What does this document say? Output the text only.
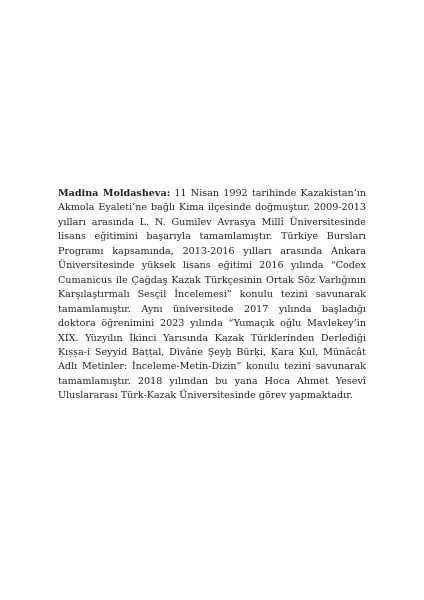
Madina Moldasheva: 11 Nisan 1992 tarihinde Kazakistan’ın Akmola Eyaleti’ne bağlı Kima ilçesinde doğmuştur. 2009-2013 yılları arasında L. N. Gumilev Avrasya Millî Üniversitesinde lisans eğitimini başarıyla tamamlamıştır. Türkiye Bursları Programı kapsamında, 2013-2016 yılları arasında Ankara Üniversitesinde yüksek lisans eğitimi 2016 yılında “Codex Cumanicus ile Çağdaş Kazak Türkçesinin Ortak Söz Varlığının Karşılaştırmalı Sesçil İncelemesi” konulu tezini savunarak tamamlamıştır. Aynı üniversitede 2017 yılında başladığı doktora öğrenimini 2023 yılında “Yumaçık oğlu Mavlekey’in XIX. Yüzyılın İkinci Yarısında Kazak Türklerinden Derlediği Ḳıṣṣa-i Seyyid Baṭṭal, Divâne Şeyḫ Bürḳi, Ḳara Ḳul, Münâcât Adlı Metinler: İnceleme-Metin-Dizin” konulu tezini savunarak tamamlamıştır. 2018 yılından bu yana Hoca Ahmet Yesevî Uluslararası Türk-Kazak Üniversitesinde görev yapmaktadır.
